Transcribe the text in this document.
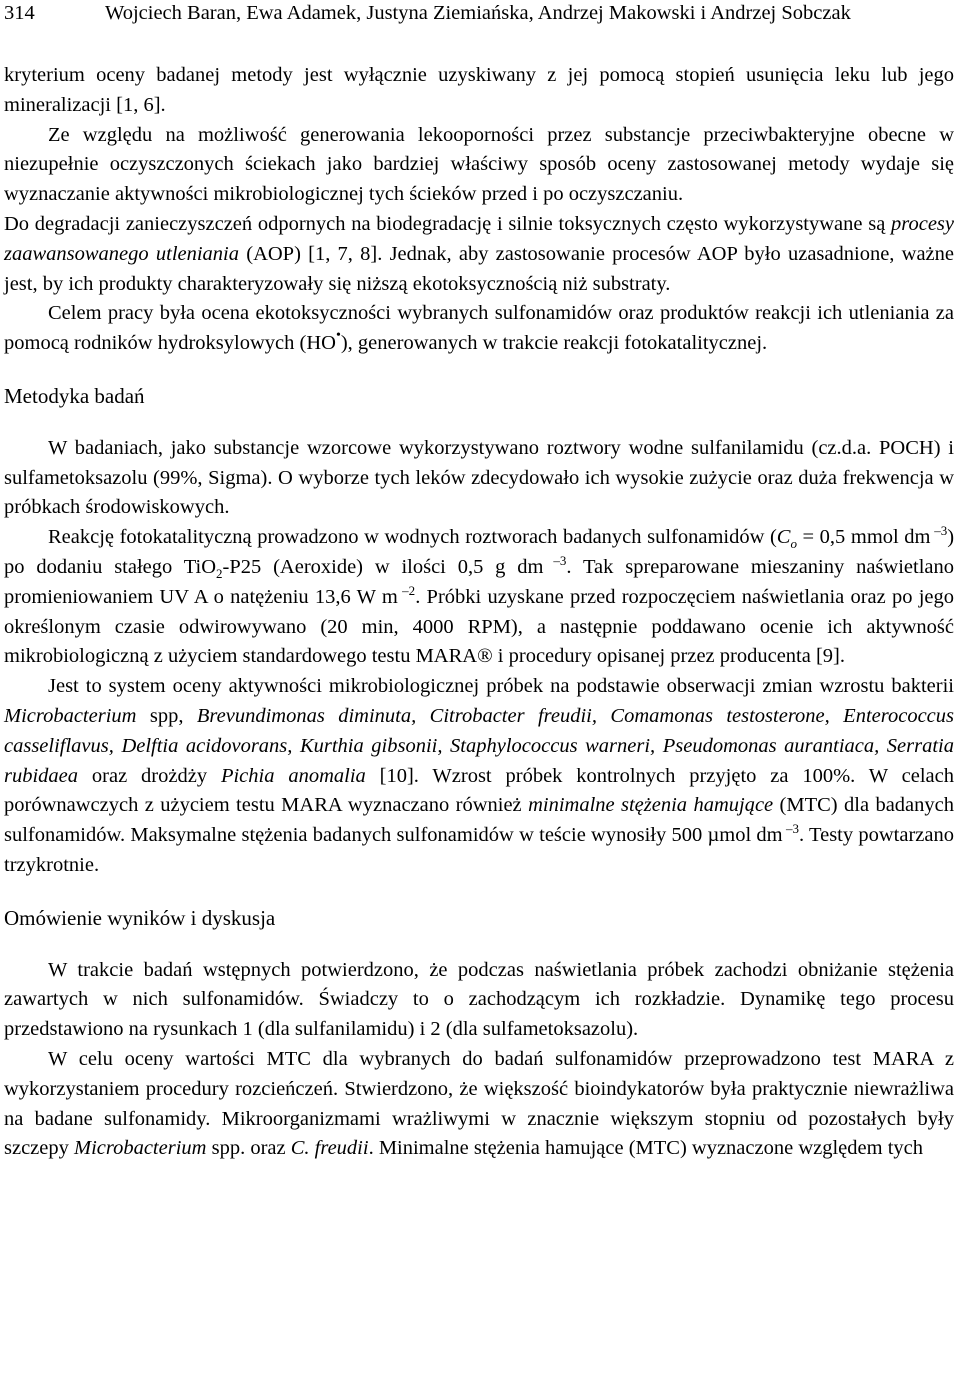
314	Wojciech Baran, Ewa Adamek, Justyna Ziemiańska, Andrzej Makowski i Andrzej Sobczak

kryterium oceny badanej metody jest wyłącznie uzyskiwany z jej pomocą stopień usunięcia leku lub jego mineralizacji [1, 6].

Ze względu na możliwość generowania lekooporności przez substancje przeciwbakteryjne obecne w niezupełnie oczyszczonych ściekach jako bardziej właściwy sposób oceny zastosowanej metody wydaje się wyznaczanie aktywności mikrobiologicznej tych ścieków przed i po oczyszczaniu.

Do degradacji zanieczyszczeń odpornych na biodegradację i silnie toksycznych często wykorzystywane są procesy zaawansowanego utleniania (AOP) [1, 7, 8]. Jednak, aby zastosowanie procesów AOP było uzasadnione, ważne jest, by ich produkty charakteryzowały się niższą ekotoksycznością niż substraty.

Celem pracy była ocena ekotoksyczności wybranych sulfonamidów oraz produktów reakcji ich utleniania za pomocą rodników hydroksylowych (HO•), generowanych w trakcie reakcji fotokatalitycznej.

Metodyka badań

W badaniach, jako substancje wzorcowe wykorzystywano roztwory wodne sulfanilamidu (cz.d.a. POCH) i sulfametoksazolu (99%, Sigma). O wyborze tych leków zdecydowało ich wysokie zużycie oraz duża frekwencja w próbkach środowiskowych.

Reakcję fotokatalityczną prowadzono w wodnych roztworach badanych sulfonamidów ($C_o = 0,5$ mmol dm $^{-3}$) po dodaniu stałego TiO$_2$-P25 (Aeroxide) w ilości 0,5 g dm $^{-3}$. Tak spreparowane mieszaniny naświetlano promieniowaniem UV A o natężeniu 13,6 W m $^{-2}$. Próbki uzyskane przed rozpoczęciem naświetlania oraz po jego określonym czasie odwirowywano (20 min, 4000 RPM), a następnie poddawano ocenie ich aktywność mikrobiologiczną z użyciem standardowego testu MARA® i procedury opisanej przez producenta [9].

Jest to system oceny aktywności mikrobiologicznej próbek na podstawie obserwacji zmian wzrostu bakterii Microbacterium spp, Brevundimonas diminuta, Citrobacter freudii, Comamonas testosterone, Enterococcus casseliflavus, Delftia acidovorans, Kurthia gibsonii, Staphylococcus warneri, Pseudomonas aurantiaca, Serratia rubidaea oraz drożdży Pichia anomalia [10]. Wzrost próbek kontrolnych przyjęto za 100%. W celach porównawczych z użyciem testu MARA wyznaczano również minimalne stężenia hamujące (MTC) dla badanych sulfonamidów. Maksymalne stężenia badanych sulfonamidów w teście wynosiły 500 µmol dm $^{-3}$. Testy powtarzano trzykrotnie.

Omówienie wyników i dyskusja

W trakcie badań wstępnych potwierdzono, że podczas naświetlania próbek zachodzi obniżanie stężenia zawartych w nich sulfonamidów. Świadczy to o zachodzącym ich rozkładzie. Dynamikę tego procesu przedstawiono na rysunkach 1 (dla sulfanilamidu) i 2 (dla sulfametoksazolu).

W celu oceny wartości MTC dla wybranych do badań sulfonamidów przeprowadzono test MARA z wykorzystaniem procedury rozcieńczeń. Stwierdzono, że większość bioindykatorów była praktycznie niewrażliwa na badane sulfonamidy. Mikroorganizmami wrażliwymi w znacznie większym stopniu od pozostałych były szczepy Microbacterium spp. oraz C. freudii. Minimalne stężenia hamujące (MTC) wyznaczone względem tych
